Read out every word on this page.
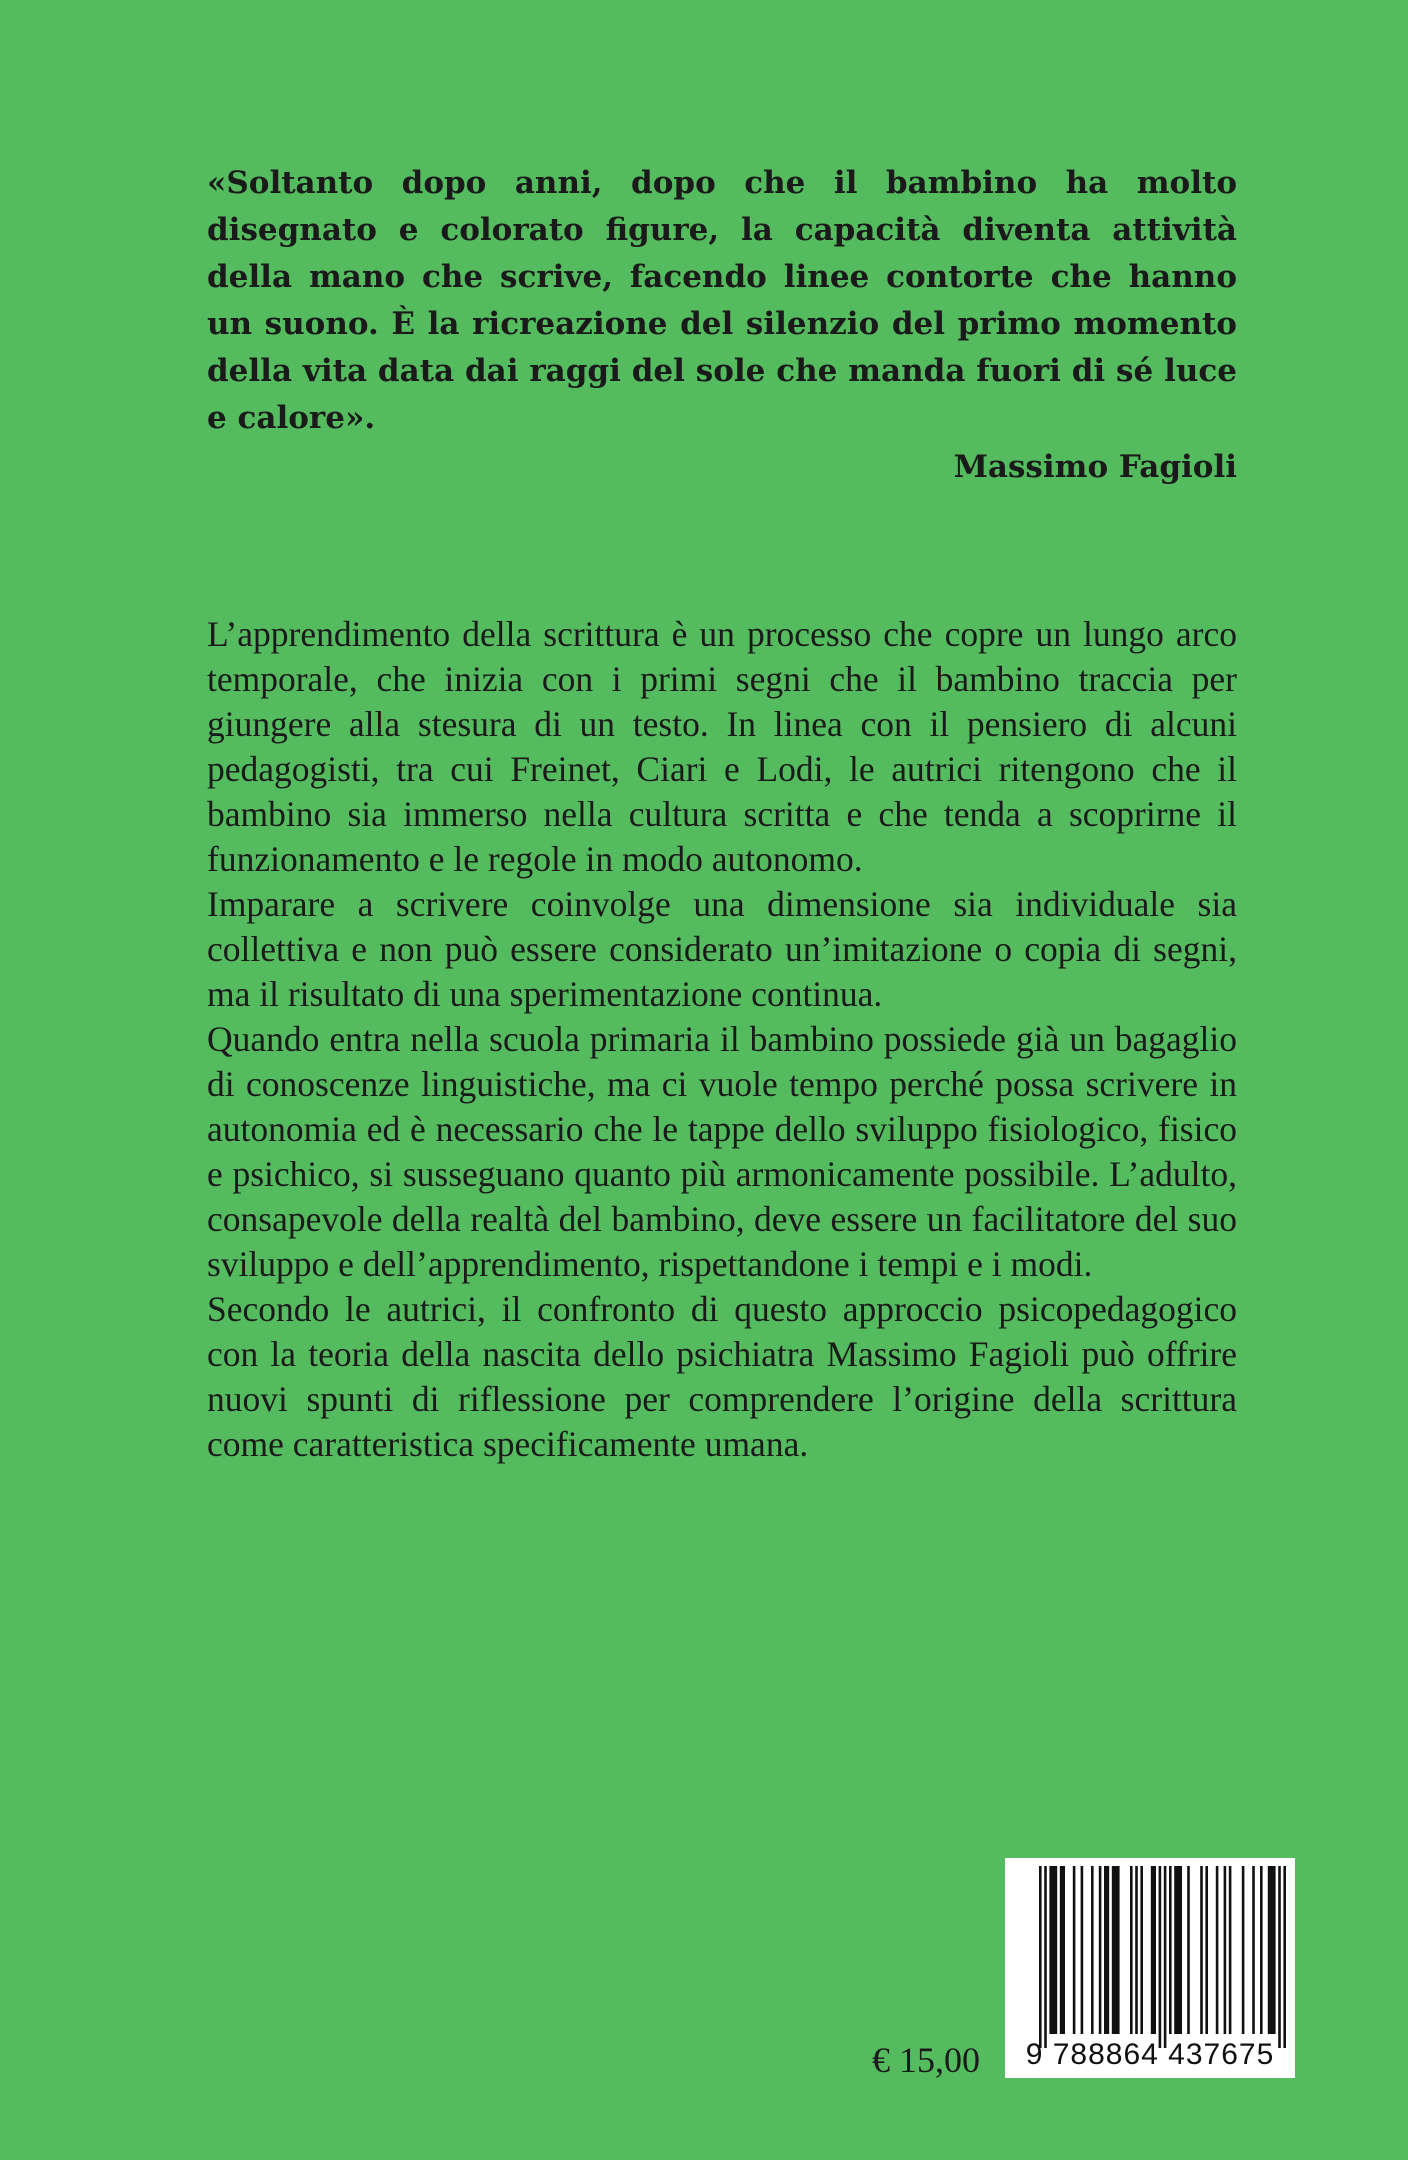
«Soltanto dopo anni, dopo che il bambino ha molto disegnato e colorato figure, la capacità diventa attività della mano che scrive, facendo linee contorte che hanno un suono. È la ricreazione del silenzio del primo momento della vita data dai raggi del sole che manda fuori di sé luce e calore».

Massimo Fagioli

L’apprendimento della scrittura è un processo che copre un lungo arco temporale, che inizia con i primi segni che il bambino traccia per giungere alla stesura di un testo. In linea con il pensiero di alcuni pedagogisti, tra cui Freinet, Ciari e Lodi, le autrici ritengono che il bambino sia immerso nella cultura scritta e che tenda a scoprirne il funzionamento e le regole in modo autonomo.

Imparare a scrivere coinvolge una dimensione sia individuale sia collettiva e non può essere considerato un’imitazione o copia di segni, ma il risultato di una sperimentazione continua.

Quando entra nella scuola primaria il bambino possiede già un bagaglio di conoscenze linguistiche, ma ci vuole tempo perché possa scrivere in autonomia ed è necessario che le tappe dello sviluppo fisiologico, fisico e psichico, si susseguano quanto più armonicamente possibile. L’adulto, consapevole della realtà del bambino, deve essere un facilitatore del suo sviluppo e dell’apprendimento, rispettandone i tempi e i modi.

Secondo le autrici, il confronto di questo approccio psicopedagogico con la teoria della nascita dello psichiatra Massimo Fagioli può offrire nuovi spunti di riflessione per comprendere l’origine della scrittura come caratteristica specificamente umana.

€ 15,00	9 788864 437675
